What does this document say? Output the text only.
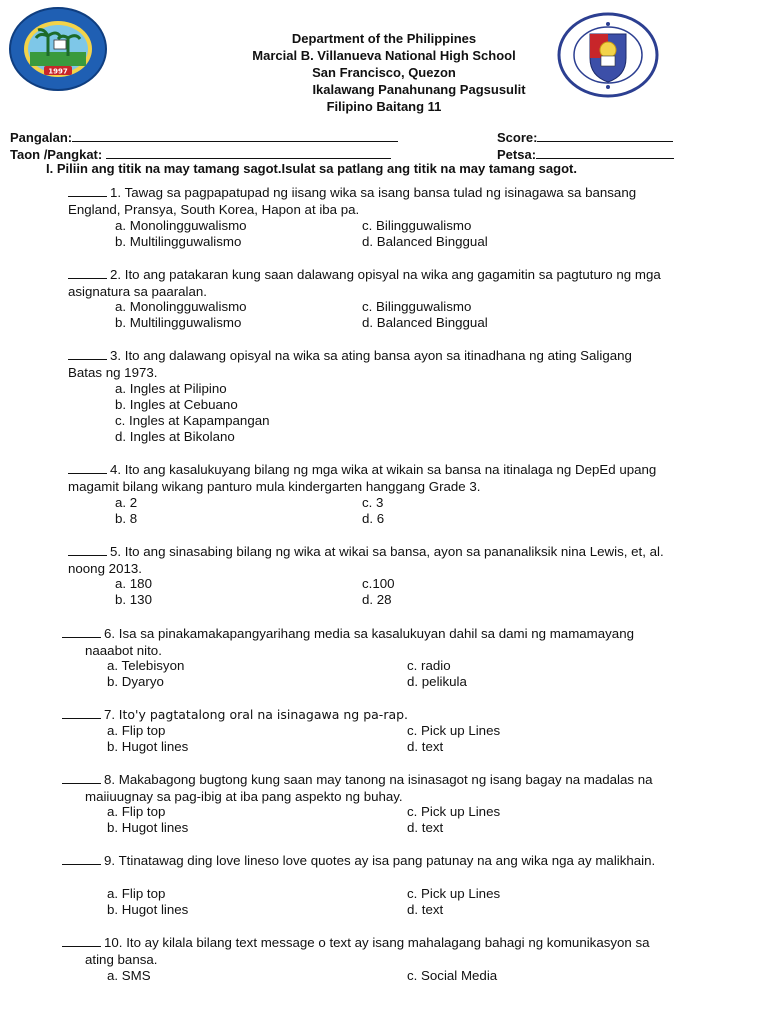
1997
Department of the Philippines
Marcial B. Villanueva National High School
San Francisco, Quezon
Ikalawang Panahunang Pagsusulit
Filipino Baitang 11
Pangalan:	Score:
Taon /Pangkat:	Petsa:
I. Piliin ang titik na may tamang sagot.Isulat sa patlang ang titik na may tamang sagot.
1. Tawag sa pagpapatupad ng iisang wika sa isang bansa tulad ng isinagawa sa bansang
England, Pransya, South Korea, Hapon at iba pa.
a. Monolingguwalismo	c. Bilingguwalismo
b. Multilingguwalismo	d. Balanced Binggual
2. Ito ang patakaran kung saan dalawang opisyal na wika ang gagamitin sa pagtuturo ng mga
asignatura sa paaralan.
a. Monolingguwalismo	c. Bilingguwalismo
b. Multilingguwalismo	d. Balanced Binggual
3. Ito ang dalawang opisyal na wika sa ating bansa ayon sa itinadhana ng ating Saligang
Batas ng 1973.
a. Ingles at Pilipino
b. Ingles at Cebuano
c. Ingles at Kapampangan
d. Ingles at Bikolano
4. Ito ang kasalukuyang bilang ng mga wika at wikain sa bansa na itinalaga ng DepEd upang
magamit bilang wikang panturo mula kindergarten hanggang Grade 3.
a. 2	c. 3
b. 8	d. 6
5. Ito ang sinasabing bilang ng wika at wikai sa bansa, ayon sa pananaliksik nina Lewis, et, al.
noong 2013.
a. 180	c.100
b. 130	d. 28
6. Isa sa pinakamakapangyarihang media sa kasalukuyan dahil sa dami ng mamamayang
naaabot nito.
a. Telebisyon	c. radio
b. Dyaryo	d. pelikula
7. Ito'y pagtatalong oral na isinagawa ng pa-rap.
a. Flip top	c. Pick up Lines
b. Hugot lines	d. text
8. Makabagong bugtong kung saan may tanong na isinasagot ng isang bagay na madalas na
maiiuugnay sa pag-ibig at iba pang aspekto ng buhay.
a. Flip top	c. Pick up Lines
b. Hugot lines	d. text
9. Ttinatawag ding love lineso love quotes ay isa pang patunay na ang wika nga ay malikhain.
a. Flip top	c. Pick up Lines
b. Hugot lines	d. text
10. Ito ay kilala bilang text message o text ay isang mahalagang bahagi ng komunikasyon sa
ating bansa.
a. SMS	c. Social Media
